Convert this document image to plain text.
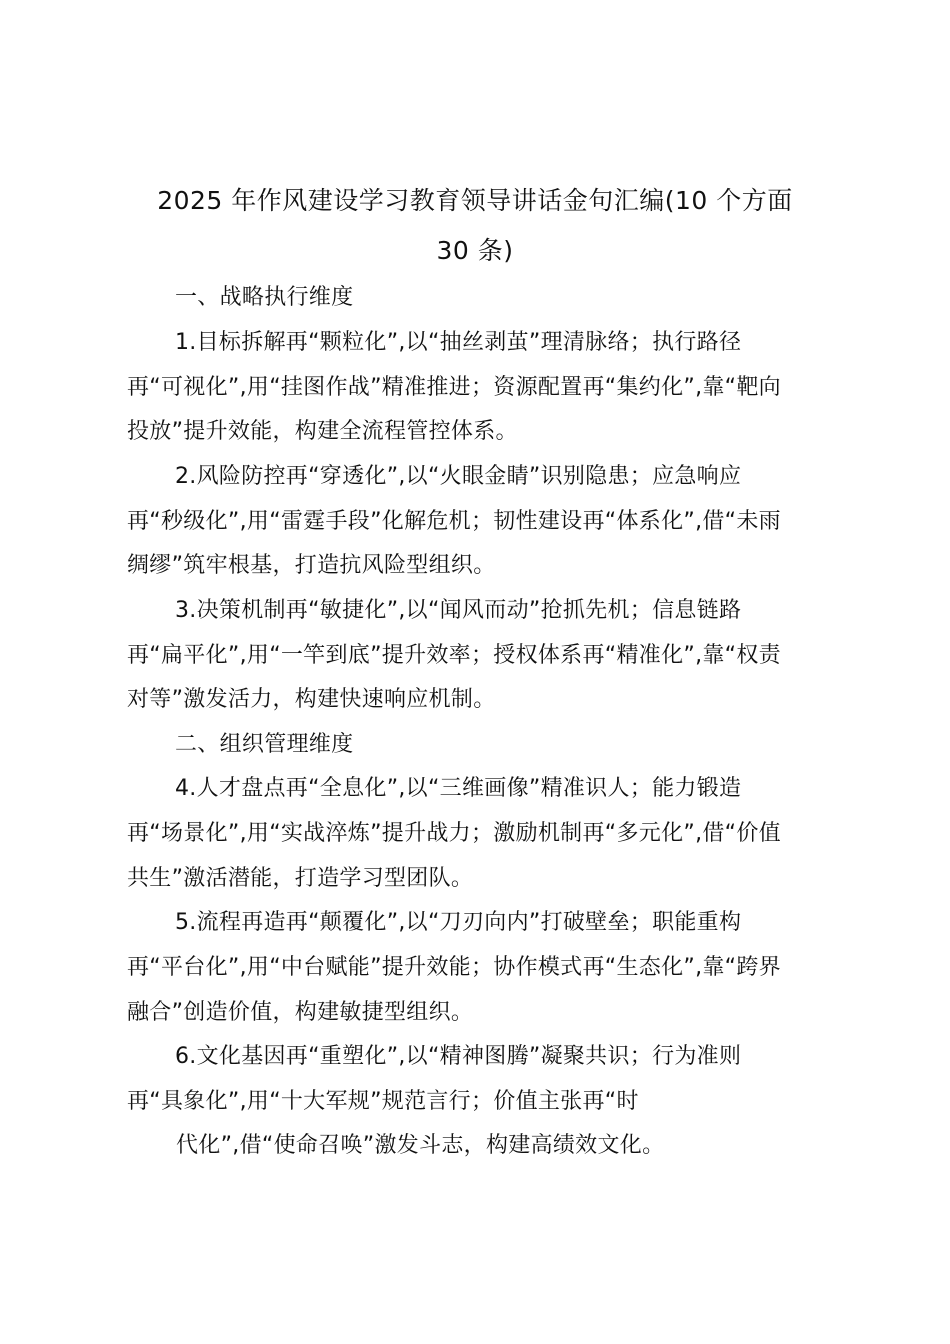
2025 年作风建设学习教育领导讲话金句汇编(10 个方面
30 条)
一、战略执行维度
1.目标拆解再“颗粒化”,以“抽丝剥茧”理清脉络；执行路径
再“可视化”,用“挂图作战”精准推进；资源配置再“集约化”,靠“靶向
投放”提升效能，构建全流程管控体系。
2.风险防控再“穿透化”,以“火眼金睛”识别隐患；应急响应
再“秒级化”,用“雷霆手段”化解危机；韧性建设再“体系化”,借“未雨
绸缪”筑牢根基，打造抗风险型组织。
3.决策机制再“敏捷化”,以“闻风而动”抢抓先机；信息链路
再“扁平化”,用“一竿到底”提升效率；授权体系再“精准化”,靠“权责
对等”激发活力，构建快速响应机制。
二、组织管理维度
4.人才盘点再“全息化”,以“三维画像”精准识人；能力锻造
再“场景化”,用“实战淬炼”提升战力；激励机制再“多元化”,借“价值
共生”激活潜能，打造学习型团队。
5.流程再造再“颠覆化”,以“刀刃向内”打破壁垒；职能重构
再“平台化”,用“中台赋能”提升效能；协作模式再“生态化”,靠“跨界
融合”创造价值，构建敏捷型组织。
6.文化基因再“重塑化”,以“精神图腾”凝聚共识；行为准则
再“具象化”,用“十大军规”规范言行；价值主张再“时
代化”,借“使命召唤”激发斗志，构建高绩效文化。
